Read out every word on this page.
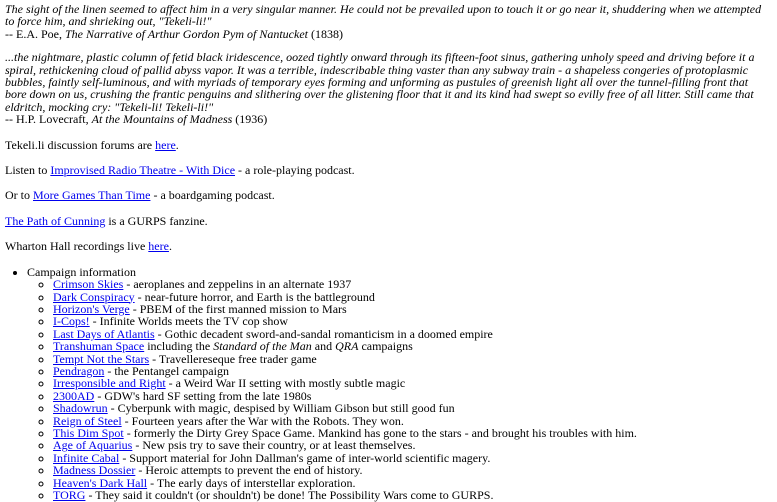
The sight of the linen seemed to affect him in a very singular manner. He could not be prevailed upon to touch it or go near it, shuddering when we attempted to force him, and shrieking out, "Tekeli-li!"
-- E.A. Poe, The Narrative of Arthur Gordon Pym of Nantucket (1838)
...the nightmare, plastic column of fetid black iridescence, oozed tightly onward through its fifteen-foot sinus, gathering unholy speed and driving before it a spiral, rethickening cloud of pallid abyss vapor. It was a terrible, indescribable thing vaster than any subway train - a shapeless congeries of protoplasmic bubbles, faintly self-luminous, and with myriads of temporary eyes forming and unforming as pustules of greenish light all over the tunnel-filling front that bore down on us, crushing the frantic penguins and slithering over the glistening floor that it and its kind had swept so evilly free of all litter. Still came that eldritch, mocking cry: "Tekeli-li! Tekeli-li!"
-- H.P. Lovecraft, At the Mountains of Madness (1936)

Tekeli.li discussion forums are here.

Listen to Improvised Radio Theatre - With Dice - a role-playing podcast.

Or to More Games Than Time - a boardgaming podcast.

The Path of Cunning is a GURPS fanzine.

Wharton Hall recordings live here.

• Campaign information
◦ Crimson Skies - aeroplanes and zeppelins in an alternate 1937
◦ Dark Conspiracy - near-future horror, and Earth is the battleground
◦ Horizon's Verge - PBEM of the first manned mission to Mars
◦ I-Cops! - Infinite Worlds meets the TV cop show
◦ Last Days of Atlantis - Gothic decadent sword-and-sandal romanticism in a doomed empire
◦ Transhuman Space including the Standard of the Man and QRA campaigns
◦ Tempt Not the Stars - Travellereseque free trader game
◦ Pendragon - the Pentangel campaign
◦ Irresponsible and Right - a Weird War II setting with mostly subtle magic
◦ 2300AD - GDW's hard SF setting from the late 1980s
◦ Shadowrun - Cyberpunk with magic, despised by William Gibson but still good fun
◦ Reign of Steel - Fourteen years after the War with the Robots. They won.
◦ This Dim Spot - formerly the Dirty Grey Space Game. Mankind has gone to the stars - and brought his troubles with him.
◦ Age of Aquarius - New psis try to save their country, or at least themselves.
◦ Infinite Cabal - Support material for John Dallman's game of inter-world scientific magery.
◦ Madness Dossier - Heroic attempts to prevent the end of history.
◦ Heaven's Dark Hall - The early days of interstellar exploration.
◦ TORG - They said it couldn't (or shouldn't) be done! The Possibility Wars come to GURPS.
